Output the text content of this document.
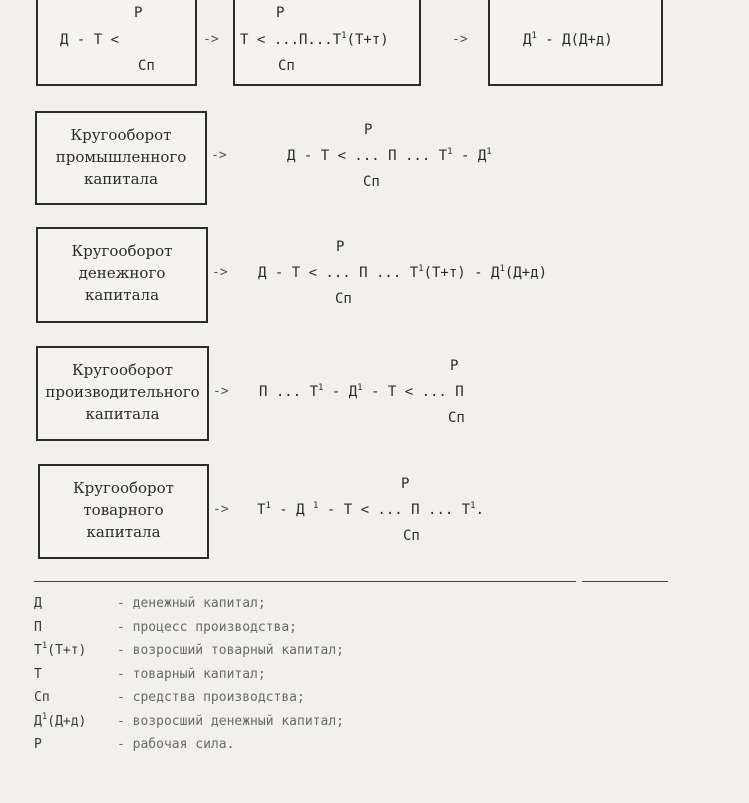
Р
Д - Т <
Сп
->
Р
$Т < ...П...Т^1(Т+т)$
Сп
->	$Д^1 - Д(Д+д)$
Кругооборот
промышленного
капитала
->
Р
Д - Т < ... П ... $Т^1 - Д^1$
Сп
Кругооборот
денежного
капитала
->
Р
Д - Т < ... П ... $Т^1(Т+т) - Д^1(Д+д)$
Сп
Кругооборот
производительного
капитала
->
Р
П ... $Т^1 - Д^1$ - Т < ... П
Сп
Кругооборот
товарного
капитала
->
Р
$Т^1$ - Д $^1$ - Т < ... П ... $Т^1$.
Сп
Д	- денежный капитал;
П	- процесс производства;
$Т^1(Т+т)$ - возросший товарный капитал;
Т	- товарный капитал;
Сп	- средства производства;
$Д^1(Д+д)$ - возросший денежный капитал;
Р	- рабочая сила.
